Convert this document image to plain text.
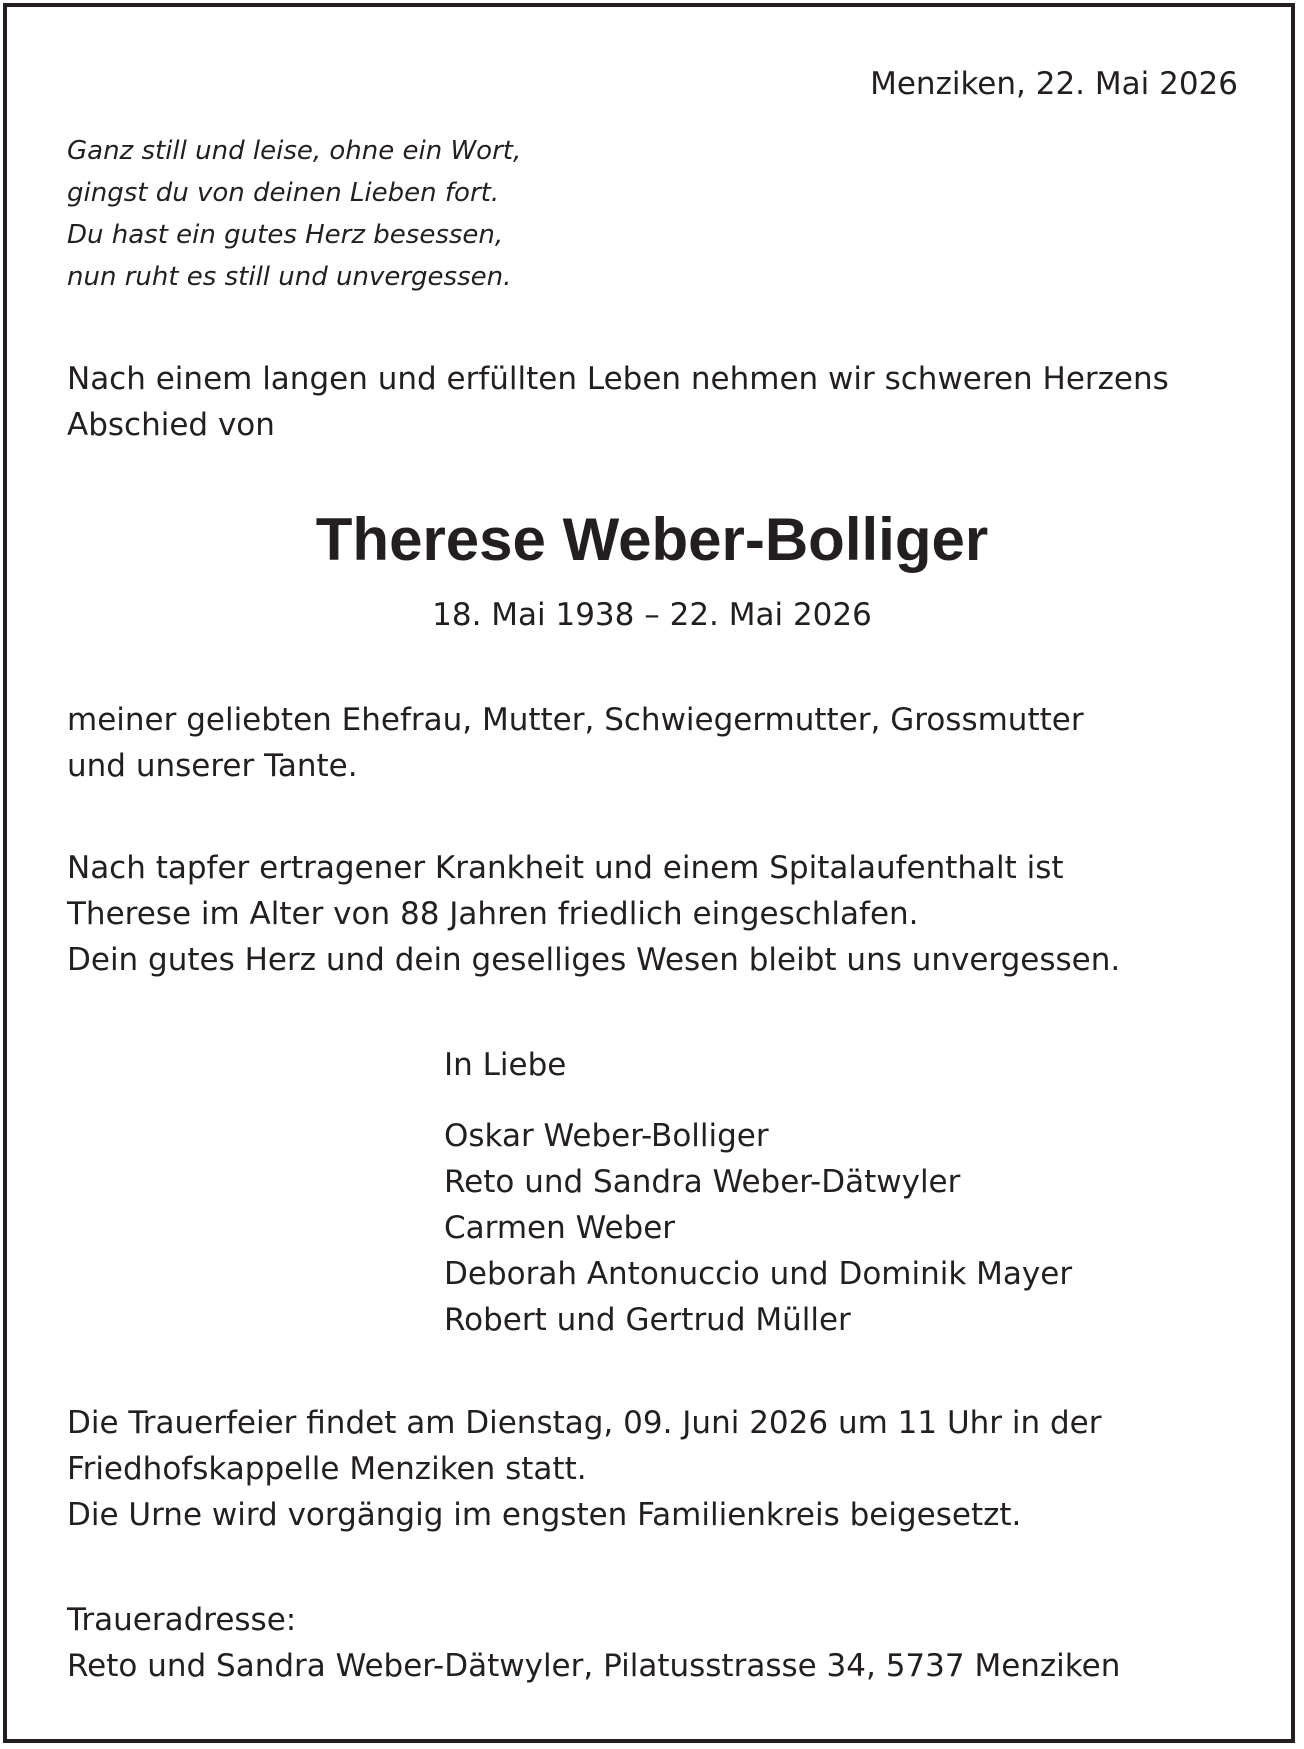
Menziken, 22. Mai 2026

Ganz still und leise, ohne ein Wort,
gingst du von deinen Lieben fort.
Du hast ein gutes Herz besessen,
nun ruht es still und unvergessen.
Nach einem langen und erfüllten Leben nehmen wir schweren Herzens
Abschied von
Therese Weber-Bolliger

18. Mai 1938 – 22. Mai 2026

meiner geliebten Ehefrau, Mutter, Schwiegermutter, Grossmutter
und unserer Tante.
Nach tapfer ertragener Krankheit und einem Spitalaufenthalt ist
Therese im Alter von 88 Jahren friedlich eingeschlafen.
Dein gutes Herz und dein geselliges Wesen bleibt uns unvergessen.

In Liebe

Oskar Weber-Bolliger
Reto und Sandra Weber-Dätwyler
Carmen Weber
Deborah Antonuccio und Dominik Mayer
Robert und Gertrud Müller
Die Trauerfeier findet am Dienstag, 09. Juni 2026 um 11 Uhr in der
Friedhofskappelle Menziken statt.
Die Urne wird vorgängig im engsten Familienkreis beigesetzt.
Traueradresse:
Reto und Sandra Weber-Dätwyler, Pilatusstrasse 34, 5737 Menziken
